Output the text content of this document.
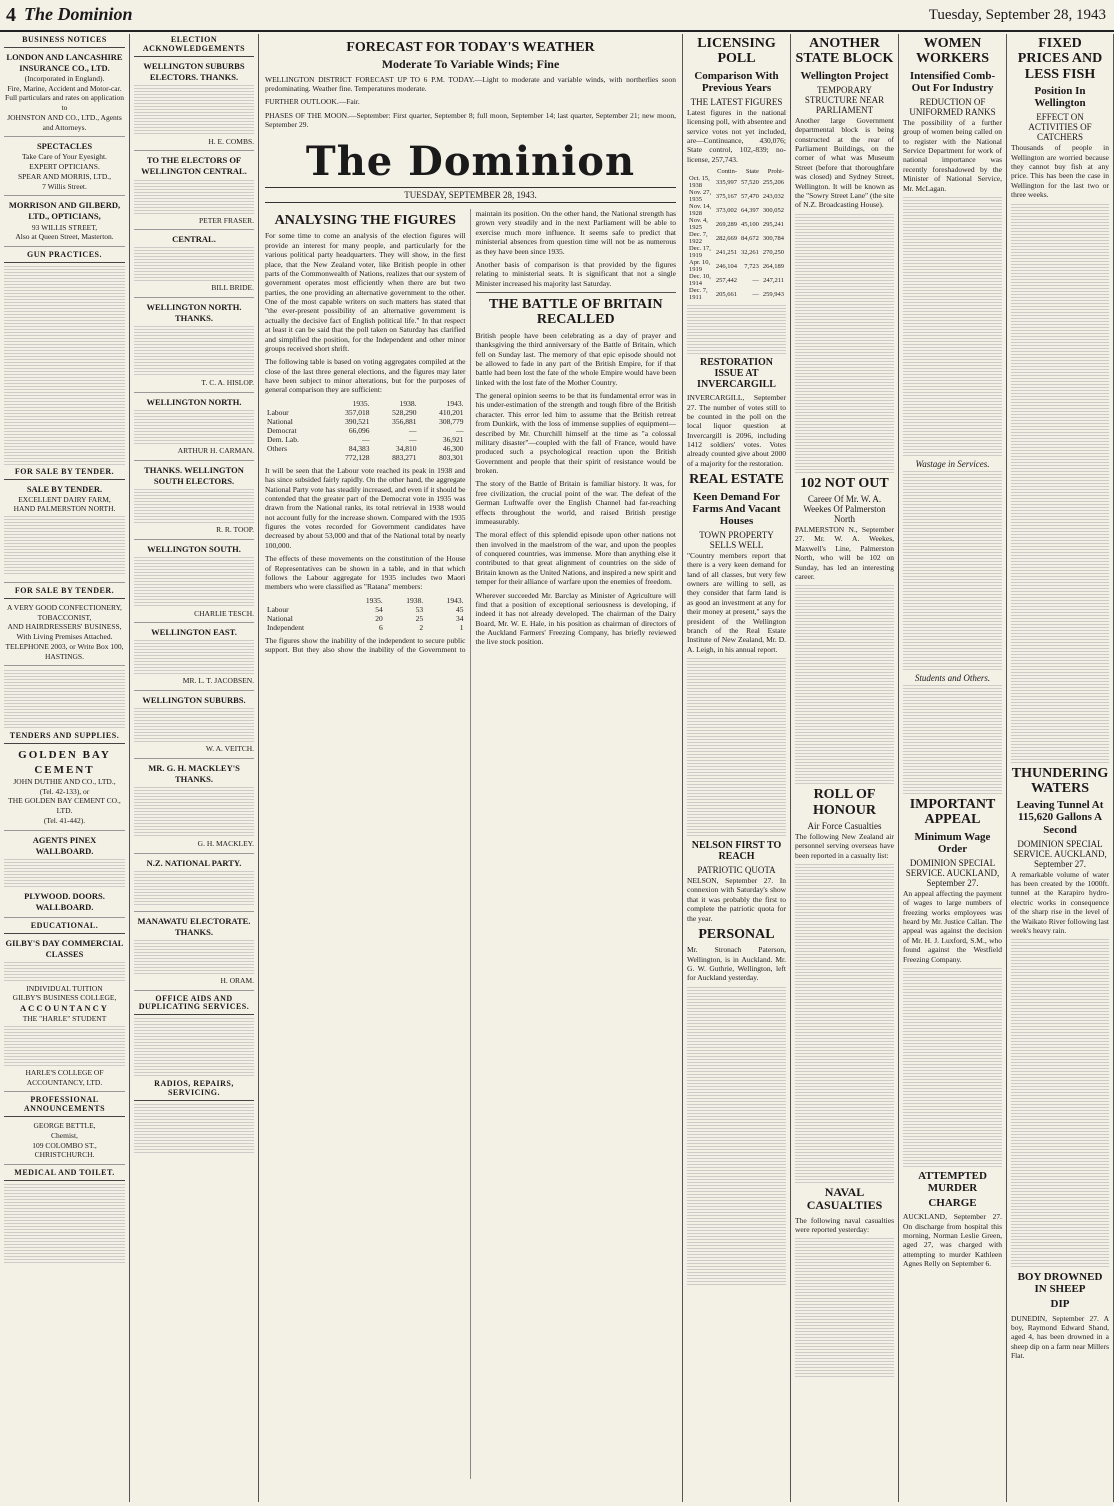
4 The Dominion	Tuesday, September 28, 1943
BUSINESS NOTICES
LONDON AND LANCASHIRE INSURANCE CO., LTD.
(Incorporated in England).
Fire, Marine, Accident and Motor-car.
Full particulars and rates on application to
JOHNSTON AND CO., LTD., Agents and Attorneys.
SPECTACLES
Take Care of Your Eyesight.
EXPERT OPTICIANS.
SPEAR AND MORRIS, LTD.,
7 Willis Street.
MORRISON AND GILBERD, LTD., OPTICIANS,
93 WILLIS STREET,
Also at Queen Street, Masterton.
GUN PRACTICES.
FOR SALE BY TENDER.
SALE BY TENDER.
EXCELLENT DAIRY FARM,
HAND PALMERSTON NORTH.
FOR SALE BY TENDER.
A VERY GOOD CONFECTIONERY,
TOBACCONIST,
AND HAIRDRESSERS' BUSINESS,
With Living Premises Attached.
TELEPHONE 2003, or Write Box 100, HASTINGS.
TENDERS AND SUPPLIES.
GOLDEN BAY
CEMENT
JOHN DUTHIE AND CO., LTD.,
(Tel. 42-133), or
THE GOLDEN BAY CEMENT CO., LTD.
(Tel. 41-442).
AGENTS PINEX WALLBOARD.
PLYWOOD. DOORS. WALLBOARD.
EDUCATIONAL.
GILBY'S DAY COMMERCIAL CLASSES
INDIVIDUAL TUITION
GILBY'S BUSINESS COLLEGE,
ACCOUNTANCY
THE "HARLE" STUDENT
HARLE'S COLLEGE OF ACCOUNTANCY, LTD.
PROFESSIONAL ANNOUNCEMENTS
GEORGE BETTLE,
Chemist,
109 COLOMBO ST., CHRISTCHURCH.
MEDICAL AND TOILET.
ELECTION ACKNOWLEDGEMENTS
WELLINGTON SUBURBS ELECTORS. THANKS.
H. E. COMBS.
TO THE ELECTORS OF WELLINGTON CENTRAL.
PETER FRASER.
CENTRAL.
BILL BRIDE.
WELLINGTON NORTH. THANKS.
T. C. A. HISLOP.
WELLINGTON NORTH.
ARTHUR H. CARMAN.
THANKS. WELLINGTON SOUTH ELECTORS.
R. R. TOOP.
WELLINGTON SOUTH.
CHARLIE TESCH.
WELLINGTON EAST.
MR. L. T. JACOBSEN.
WELLINGTON SUBURBS.
W. A. VEITCH.
MR. G. H. MACKLEY'S THANKS.
G. H. MACKLEY.
N.Z. NATIONAL PARTY.
MANAWATU ELECTORATE. THANKS.
H. ORAM.
OFFICE AIDS AND DUPLICATING SERVICES.
RADIOS, REPAIRS, SERVICING.
FORECAST FOR TODAY'S WEATHER
Moderate To Variable Winds; Fine

WELLINGTON DISTRICT FORECAST UP TO 6 P.M. TODAY.—Light to moderate and variable winds, with northerlies soon predominating. Weather fine. Temperatures moderate.

FURTHER OUTLOOK.—Fair.

PHASES OF THE MOON.—September: First quarter, September 8; full moon, September 14; last quarter, September 21; new moon, September 29.

The Dominion
TUESDAY, SEPTEMBER 28, 1943.
ANALYSING THE FIGURES

For some time to come an analysis of the election figures will provide an interest for many people, and particularly for the various political party headquarters. They will show, in the first place, that the New Zealand voter, like British people in other parts of the Commonwealth of Nations, realizes that our system of government operates most efficiently when there are but two parties, the one providing an alternative government to the other. One of the most capable writers on such matters has stated that "the ever-present possibility of an alternative government is actually the decisive fact of English political life." In that respect at least it can be said that the poll taken on Saturday has clarified and simplified the position, for the Independent and other minor groups received short shrift.

The following table is based on voting aggregates compiled at the close of the last three general elections, and the figures may later have been subject to minor alterations, but for the purposes of general comparison they are sufficient:

	1935.	1938.	1943.
Labour	357,018	528,290	410,201
National	390,521	356,881	308,779
Democrat	66,096	—	—
Dem. Lab.	—	—	36,921
Others	84,383	34,810	46,300
	772,128	883,271	803,301

It will be seen that the Labour vote reached its peak in 1938 and has since subsided fairly rapidly. On the other hand, the aggregate National Party vote has steadily increased, and even if it should be contended that the greater part of the Democrat vote in 1935 was drawn from the National ranks, its total retrieval in 1938 would not account fully for the increase shown. Compared with the 1935 figures the votes recorded for Government candidates have decreased by about 53,000 and that of the National total by nearly 100,000.

The effects of these movements on the constitution of the House of Representatives can be shown in a table, and in that which follows the Labour aggregate for 1935 includes two Maori members who were classified as "Ratana" members:

	1935.	1938.	1943.
Labour	54	53	45
National	20	25	34
Independent	6	2	1

The figures show the inability of the independent to secure public support. But they also show the inability of the Government to maintain its position. On the other hand, the National strength has grown very steadily and in the next Parliament will be able to exercise much more influence. It seems safe to predict that ministerial absences from question time will not be as numerous as they have been since 1935.

Another basis of comparison is that provided by the figures relating to ministerial seats. It is significant that not a single Minister increased his majority last Saturday.

THE BATTLE OF BRITAIN RECALLED

British people have been celebrating as a day of prayer and thanksgiving the third anniversary of the Battle of Britain, which fell on Sunday last. The memory of that epic episode should not be allowed to fade in any part of the British Empire, for if that battle had been lost the fate of the whole Empire would have been linked with the lost fate of the Mother Country.

The general opinion seems to be that its fundamental error was in his under-estimation of the strength and tough fibre of the British character. This error led him to assume that the British retreat from Dunkirk, with the loss of immense supplies of equipment—described by Mr. Churchill himself at the time as "a colossal military disaster"—coupled with the fall of France, would have produced such a psychological reaction upon the British Government and people that their spirit of resistance would be broken.

The story of the Battle of Britain is familiar history. It was, for free civilization, the crucial point of the war. The defeat of the German Luftwaffe over the English Channel had far-reaching effects throughout the world, and raised British prestige immeasurably.

The moral effect of this splendid episode upon other nations not then involved in the maelstrom of the war, and upon the peoples of conquered countries, was immense. More than anything else it contributed to that great alignment of countries on the side of Britain known as the United Nations, and inspired a new spirit and temper for their alliance of warfare upon the enemies of freedom.

Wherever succeeded Mr. Barclay as Minister of Agriculture will find that a position of exceptional seriousness is developing, if indeed it has not already developed. The chairman of the Dairy Board, Mr. W. E. Hale, in his position as chairman of directors of the Auckland Farmers' Freezing Company, has briefly reviewed the live stock position.

LICENSING POLL
Comparison With Previous Years
THE LATEST FIGURES

Latest figures in the national licensing poll, with absentee and service votes not yet included, are—Continuance, 430,076; State control, 102,-839; no-license, 257,743.

	Contin-	State	Prohi-
Oct. 15, 1938	335,997	57,520	255,206
Nov. 27, 1935	375,167	57,470	243,032
Nov. 14, 1928	373,002	64,397	300,052
Nov. 4, 1925	269,289	45,100	295,241
Dec. 7, 1922	282,669	84,672	300,784
Dec. 17, 1919	241,251	32,261	270,250
Apr. 10, 1919	246,104	7,723	264,189
Dec. 10, 1914	257,442	—	247,211
Dec. 7, 1911	205,661	—	259,943
RESTORATION ISSUE AT INVERCARGILL

INVERCARGILL, September 27. The number of votes still to be counted in the poll on the local liquor question at Invercargill is 2096, including 1412 soldiers' votes. Votes already counted give about 2000 of a majority for the restoration.

REAL ESTATE
Keen Demand For Farms And Vacant Houses
TOWN PROPERTY SELLS WELL

"Country members report that there is a very keen demand for land of all classes, but very few owners are willing to sell, as they consider that farm land is as good an investment at any for their money at present," says the president of the Wellington branch of the Real Estate Institute of New Zealand, Mr. D. A. Leigh, in his annual report.

NELSON FIRST TO REACH
PATRIOTIC QUOTA

NELSON, September 27. In connexion with Saturday's show that it was probably the first to complete the patriotic quota for the year.

PERSONAL

Mr. Stronach Paterson, Wellington, is in Auckland. Mr. G. W. Guthrie, Wellington, left for Auckland yesterday.

ANOTHER STATE BLOCK
Wellington Project
TEMPORARY STRUCTURE NEAR PARLIAMENT

Another large Government departmental block is being constructed at the rear of Parliament Buildings, on the corner of what was Museum Street (before that thoroughfare was closed) and Sydney Street, Wellington. It will be known as the "Sowry Street Lane" (the site of N.Z. Broadcasting House).

102 NOT OUT
Career Of Mr. W. A. Weekes Of Palmerston North

PALMERSTON N., September 27. Mr. W. A. Weekes, Maxwell's Line, Palmerston North, who will be 102 on Sunday, has led an interesting career.

ROLL OF HONOUR
Air Force Casualties

The following New Zealand air personnel serving overseas have been reported in a casualty list:

NAVAL CASUALTIES

The following naval casualties were reported yesterday:

WOMEN WORKERS
Intensified Comb-Out For Industry
REDUCTION OF UNIFORMED RANKS

The possibility of a further group of women being called on to register with the National Service Department for work of national importance was recently foreshadowed by the Minister of National Service, Mr. McLagan.

Wastage in Services.
Students and Others.
IMPORTANT APPEAL
Minimum Wage Order
DOMINION SPECIAL SERVICE. AUCKLAND, September 27.

An appeal affecting the payment of wages to large numbers of freezing works employees was heard by Mr. Justice Callan. The appeal was against the decision of Mr. H. J. Luxford, S.M., who found against the Westfield Freezing Company.

ATTEMPTED MURDER
CHARGE

AUCKLAND, September 27. On discharge from hospital this morning, Norman Leslie Green, aged 27, was charged with attempting to murder Kathleen Agnes Relly on September 6.

FIXED PRICES AND LESS FISH
Position In Wellington
EFFECT ON ACTIVITIES OF CATCHERS

Thousands of people in Wellington are worried because they cannot buy fish at any price. This has been the case in Wellington for the last two or three weeks.

THUNDERING WATERS
Leaving Tunnel At 115,620 Gallons A Second
DOMINION SPECIAL SERVICE. AUCKLAND, September 27.

A remarkable volume of water has been created by the 1000ft. tunnel at the Karapiro hydro-electric works in consequence of the sharp rise in the level of the Waikato River following last week's heavy rain.

BOY DROWNED IN SHEEP
DIP

DUNEDIN, September 27. A boy, Raymond Edward Shand, aged 4, has been drowned in a sheep dip on a farm near Millers Flat.
